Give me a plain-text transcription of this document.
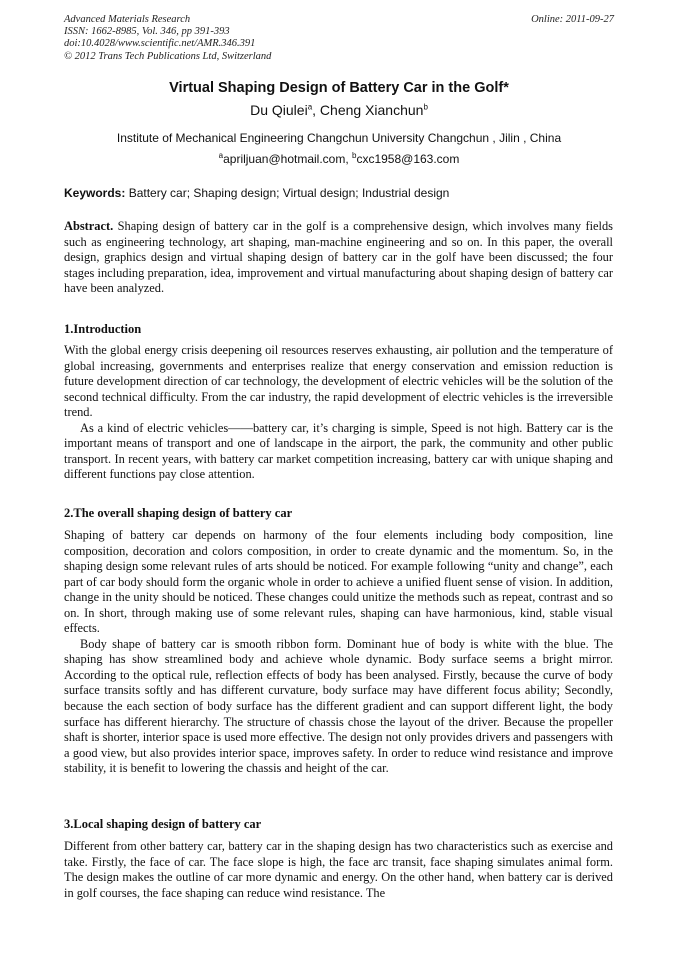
Advanced Materials Research
ISSN: 1662-8985, Vol. 346, pp 391-393
doi:10.4028/www.scientific.net/AMR.346.391
© 2012 Trans Tech Publications Ltd, Switzerland
Online: 2011-09-27
Virtual Shaping Design of Battery Car in the Golf*
Du Qiulei$^a$, Cheng Xianchun$^b$
Institute of Mechanical Engineering Changchun University Changchun , Jilin , China
$^a$apriljuan@hotmail.com, $^b$cxc1958@163.com
Keywords: Battery car; Shaping design; Virtual design; Industrial design

Abstract. Shaping design of battery car in the golf is a comprehensive design, which involves many fields such as engineering technology, art shaping, man-machine engineering and so on. In this paper, the overall design, graphics design and virtual shaping design of battery car in the golf have been discussed; the four stages including preparation, idea, improvement and virtual manufacturing about shaping design of battery car have been analyzed.

1.Introduction

With the global energy crisis deepening oil resources reserves exhausting, air pollution and the temperature of global increasing, governments and enterprises realize that energy conservation and emission reduction is future development direction of car technology, the development of electric vehicles will be the solution of the second technical difficulty. From the car industry, the rapid development of electric vehicles is the irreversible trend.

As a kind of electric vehicles——battery car, it’s charging is simple, Speed is not high. Battery car is the important means of transport and one of landscape in the airport, the park, the community and other public transport. In recent years, with battery car market competition increasing, battery car with unique shaping and different functions pay close attention.

2.The overall shaping design of battery car

Shaping of battery car depends on harmony of the four elements including body composition, line composition, decoration and colors composition, in order to create dynamic and the momentum. So, in the shaping design some relevant rules of arts should be noticed. For example following “unity and change”, each part of car body should form the organic whole in order to achieve a unified fluent sense of vision. In addition, change in the unity should be noticed. These changes could unitize the methods such as repeat, contrast and so on. In short, through making use of some relevant rules, shaping can have harmonious, kind, stable visual effects.

Body shape of battery car is smooth ribbon form. Dominant hue of body is white with the blue. The shaping has show streamlined body and achieve whole dynamic. Body surface seems a bright mirror. According to the optical rule, reflection effects of body has been analysed. Firstly, because the curve of body surface transits softly and has different curvature, body surface may have different focus ability; Secondly, because the each section of body surface has the different gradient and can support different light, the body surface has different hierarchy. The structure of chassis chose the layout of the driver. Because the propeller shaft is shorter, interior space is used more effective. The design not only provides drivers and passengers with a good view, but also provides interior space, improves safety. In order to reduce wind resistance and improve stability, it is benefit to lowering the chassis and height of the car.

3.Local shaping design of battery car

Different from other battery car, battery car in the shaping design has two characteristics such as exercise and take. Firstly, the face of car. The face slope is high, the face arc transit, face shaping simulates animal form. The design makes the outline of car more dynamic and energy. On the other hand, when battery car is derived in golf courses, the face shaping can reduce wind resistance. The
